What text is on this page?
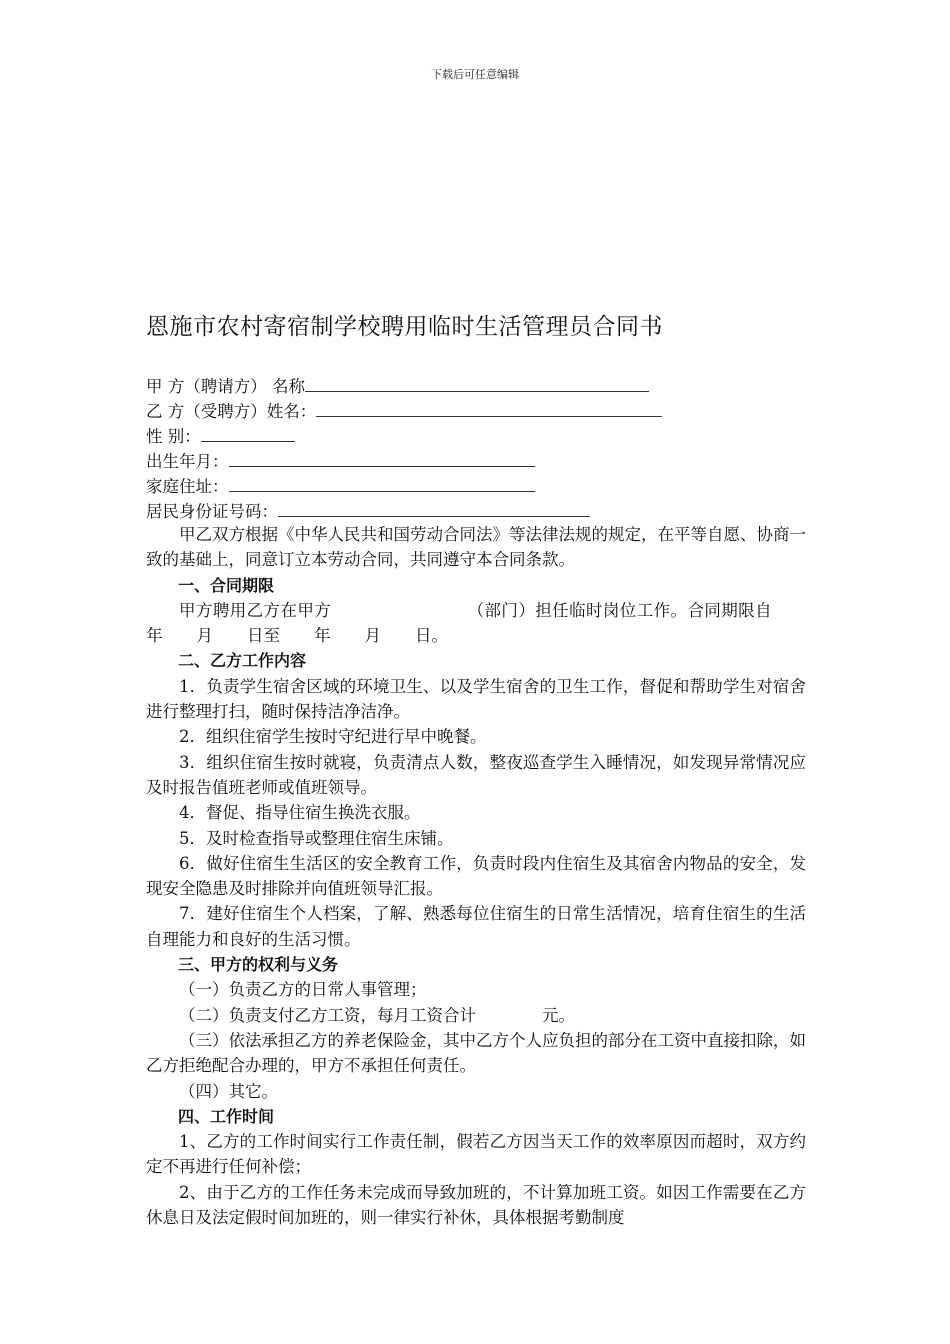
下载后可任意编辑
恩施市农村寄宿制学校聘用临时生活管理员合同书
甲 方（聘请方） 名称
乙 方（受聘方）姓名：
性 别：
出生年月：
家庭住址：
居民身份证号码：

甲乙双方根据《中华人民共和国劳动合同法》等法律法规的规定，在平等自愿、协商一致的基础上，同意订立本劳动合同，共同遵守本合同条款。

一、合同期限

甲方聘用乙方在甲方	（部门）担任临时岗位工作。合同期限自年 月 日至 年 月 日。

二、乙方工作内容

1．负责学生宿舍区域的环境卫生、以及学生宿舍的卫生工作，督促和帮助学生对宿舍进行整理打扫，随时保持洁净洁净。

2．组织住宿学生按时守纪进行早中晚餐。

3．组织住宿生按时就寝，负责清点人数，整夜巡查学生入睡情况，如发现异常情况应及时报告值班老师或值班领导。

4．督促、指导住宿生换洗衣服。

5．及时检查指导或整理住宿生床铺。

6．做好住宿生生活区的安全教育工作，负责时段内住宿生及其宿舍内物品的安全，发现安全隐患及时排除并向值班领导汇报。

7．建好住宿生个人档案，了解、熟悉每位住宿生的日常生活情况，培育住宿生的生活自理能力和良好的生活习惯。

三、甲方的权利与义务

（一）负责乙方的日常人事管理；

（二）负责支付乙方工资，每月工资合计	元。

（三）依法承担乙方的养老保险金，其中乙方个人应负担的部分在工资中直接扣除，如乙方拒绝配合办理的，甲方不承担任何责任。

（四）其它。

四、工作时间

1、乙方的工作时间实行工作责任制，假若乙方因当天工作的效率原因而超时，双方约定不再进行任何补偿；

2、由于乙方的工作任务未完成而导致加班的，不计算加班工资。如因工作需要在乙方休息日及法定假时间加班的，则一律实行补休，具体根据考勤制度
